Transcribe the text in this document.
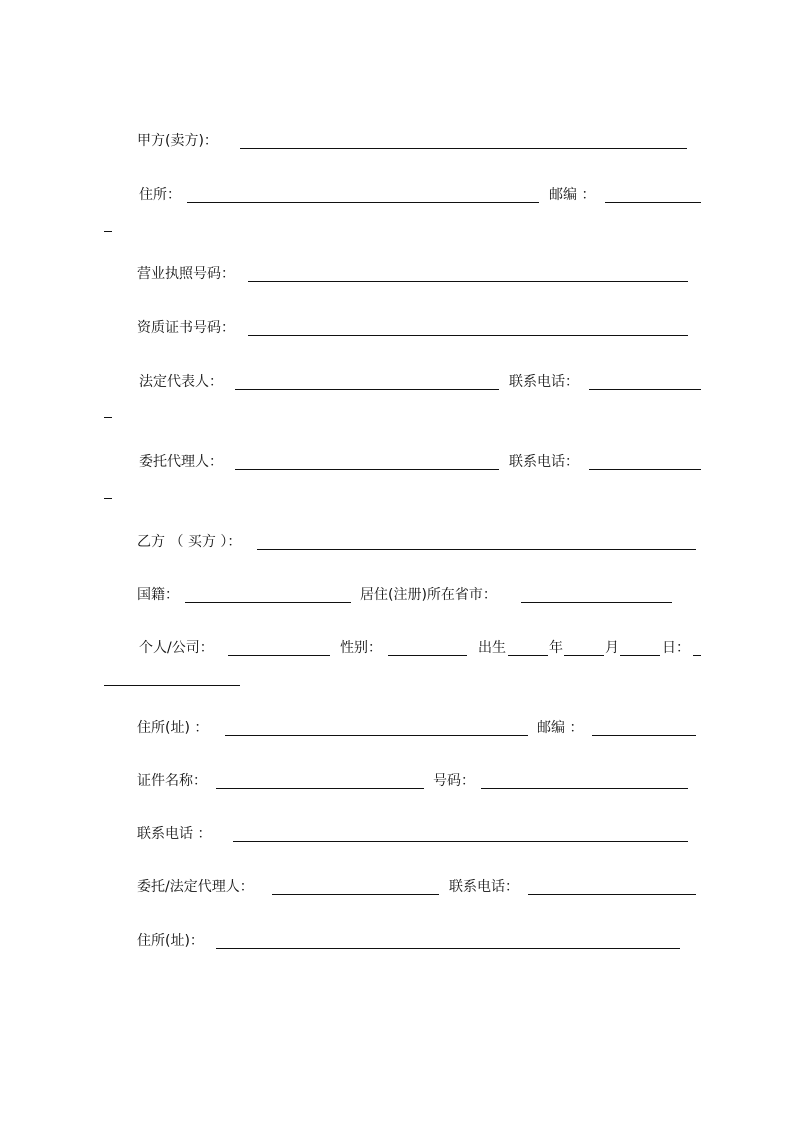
甲方(卖方)：
住所：	邮编 ：
营业执照号码：
资质证书号码：
法定代表人：	联系电话：
委托代理人：	联系电话：
乙方 （ 买方 ）：
国籍：	居住(注册)所在省市：
个人/公司：	性别：	出生	年	月	日：
住所(址) ：	邮编 ：
证件名称：	号码：
联系电话 ：
委托/法定代理人：	联系电话：
住所(址)：
